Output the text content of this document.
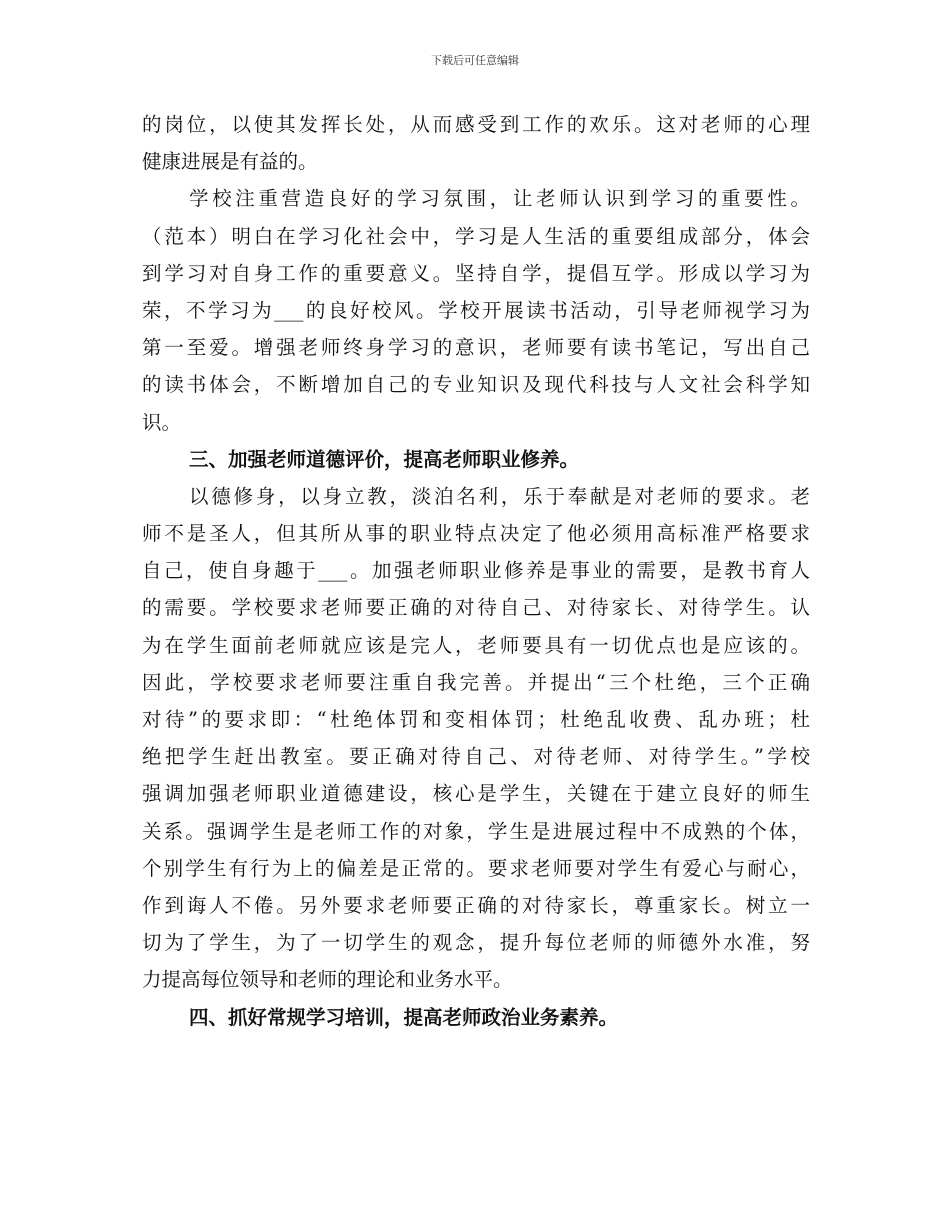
下载后可任意编辑
的岗位，以使其发挥长处，从而感受到工作的欢乐。这对老师的心理
健康进展是有益的。
学校注重营造良好的学习氛围，让老师认识到学习的重要性。
（范本）明白在学习化社会中，学习是人生活的重要组成部分，体会
到学习对自身工作的重要意义。坚持自学，提倡互学。形成以学习为
荣，不学习为___的良好校风。学校开展读书活动，引导老师视学习为
第一至爱。增强老师终身学习的意识，老师要有读书笔记，写出自己
的读书体会，不断增加自己的专业知识及现代科技与人文社会科学知
识。
三、加强老师道德评价，提高老师职业修养。
以德修身，以身立教，淡泊名利，乐于奉献是对老师的要求。老
师不是圣人，但其所从事的职业特点决定了他必须用高标准严格要求
自己，使自身趣于___。加强老师职业修养是事业的需要，是教书育人
的需要。学校要求老师要正确的对待自己、对待家长、对待学生。认
为在学生面前老师就应该是完人，老师要具有一切优点也是应该的。
因此，学校要求老师要注重自我完善。并提出“三个杜绝，三个正确
对待”的要求即：“杜绝体罚和变相体罚；杜绝乱收费、乱办班；杜
绝把学生赶出教室。要正确对待自己、对待老师、对待学生。”学校
强调加强老师职业道德建设，核心是学生，关键在于建立良好的师生
关系。强调学生是老师工作的对象，学生是进展过程中不成熟的个体，
个别学生有行为上的偏差是正常的。要求老师要对学生有爱心与耐心，
作到诲人不倦。另外要求老师要正确的对待家长，尊重家长。树立一
切为了学生，为了一切学生的观念，提升每位老师的师德外水准，努
力提高每位领导和老师的理论和业务水平。
四、抓好常规学习培训，提高老师政治业务素养。
